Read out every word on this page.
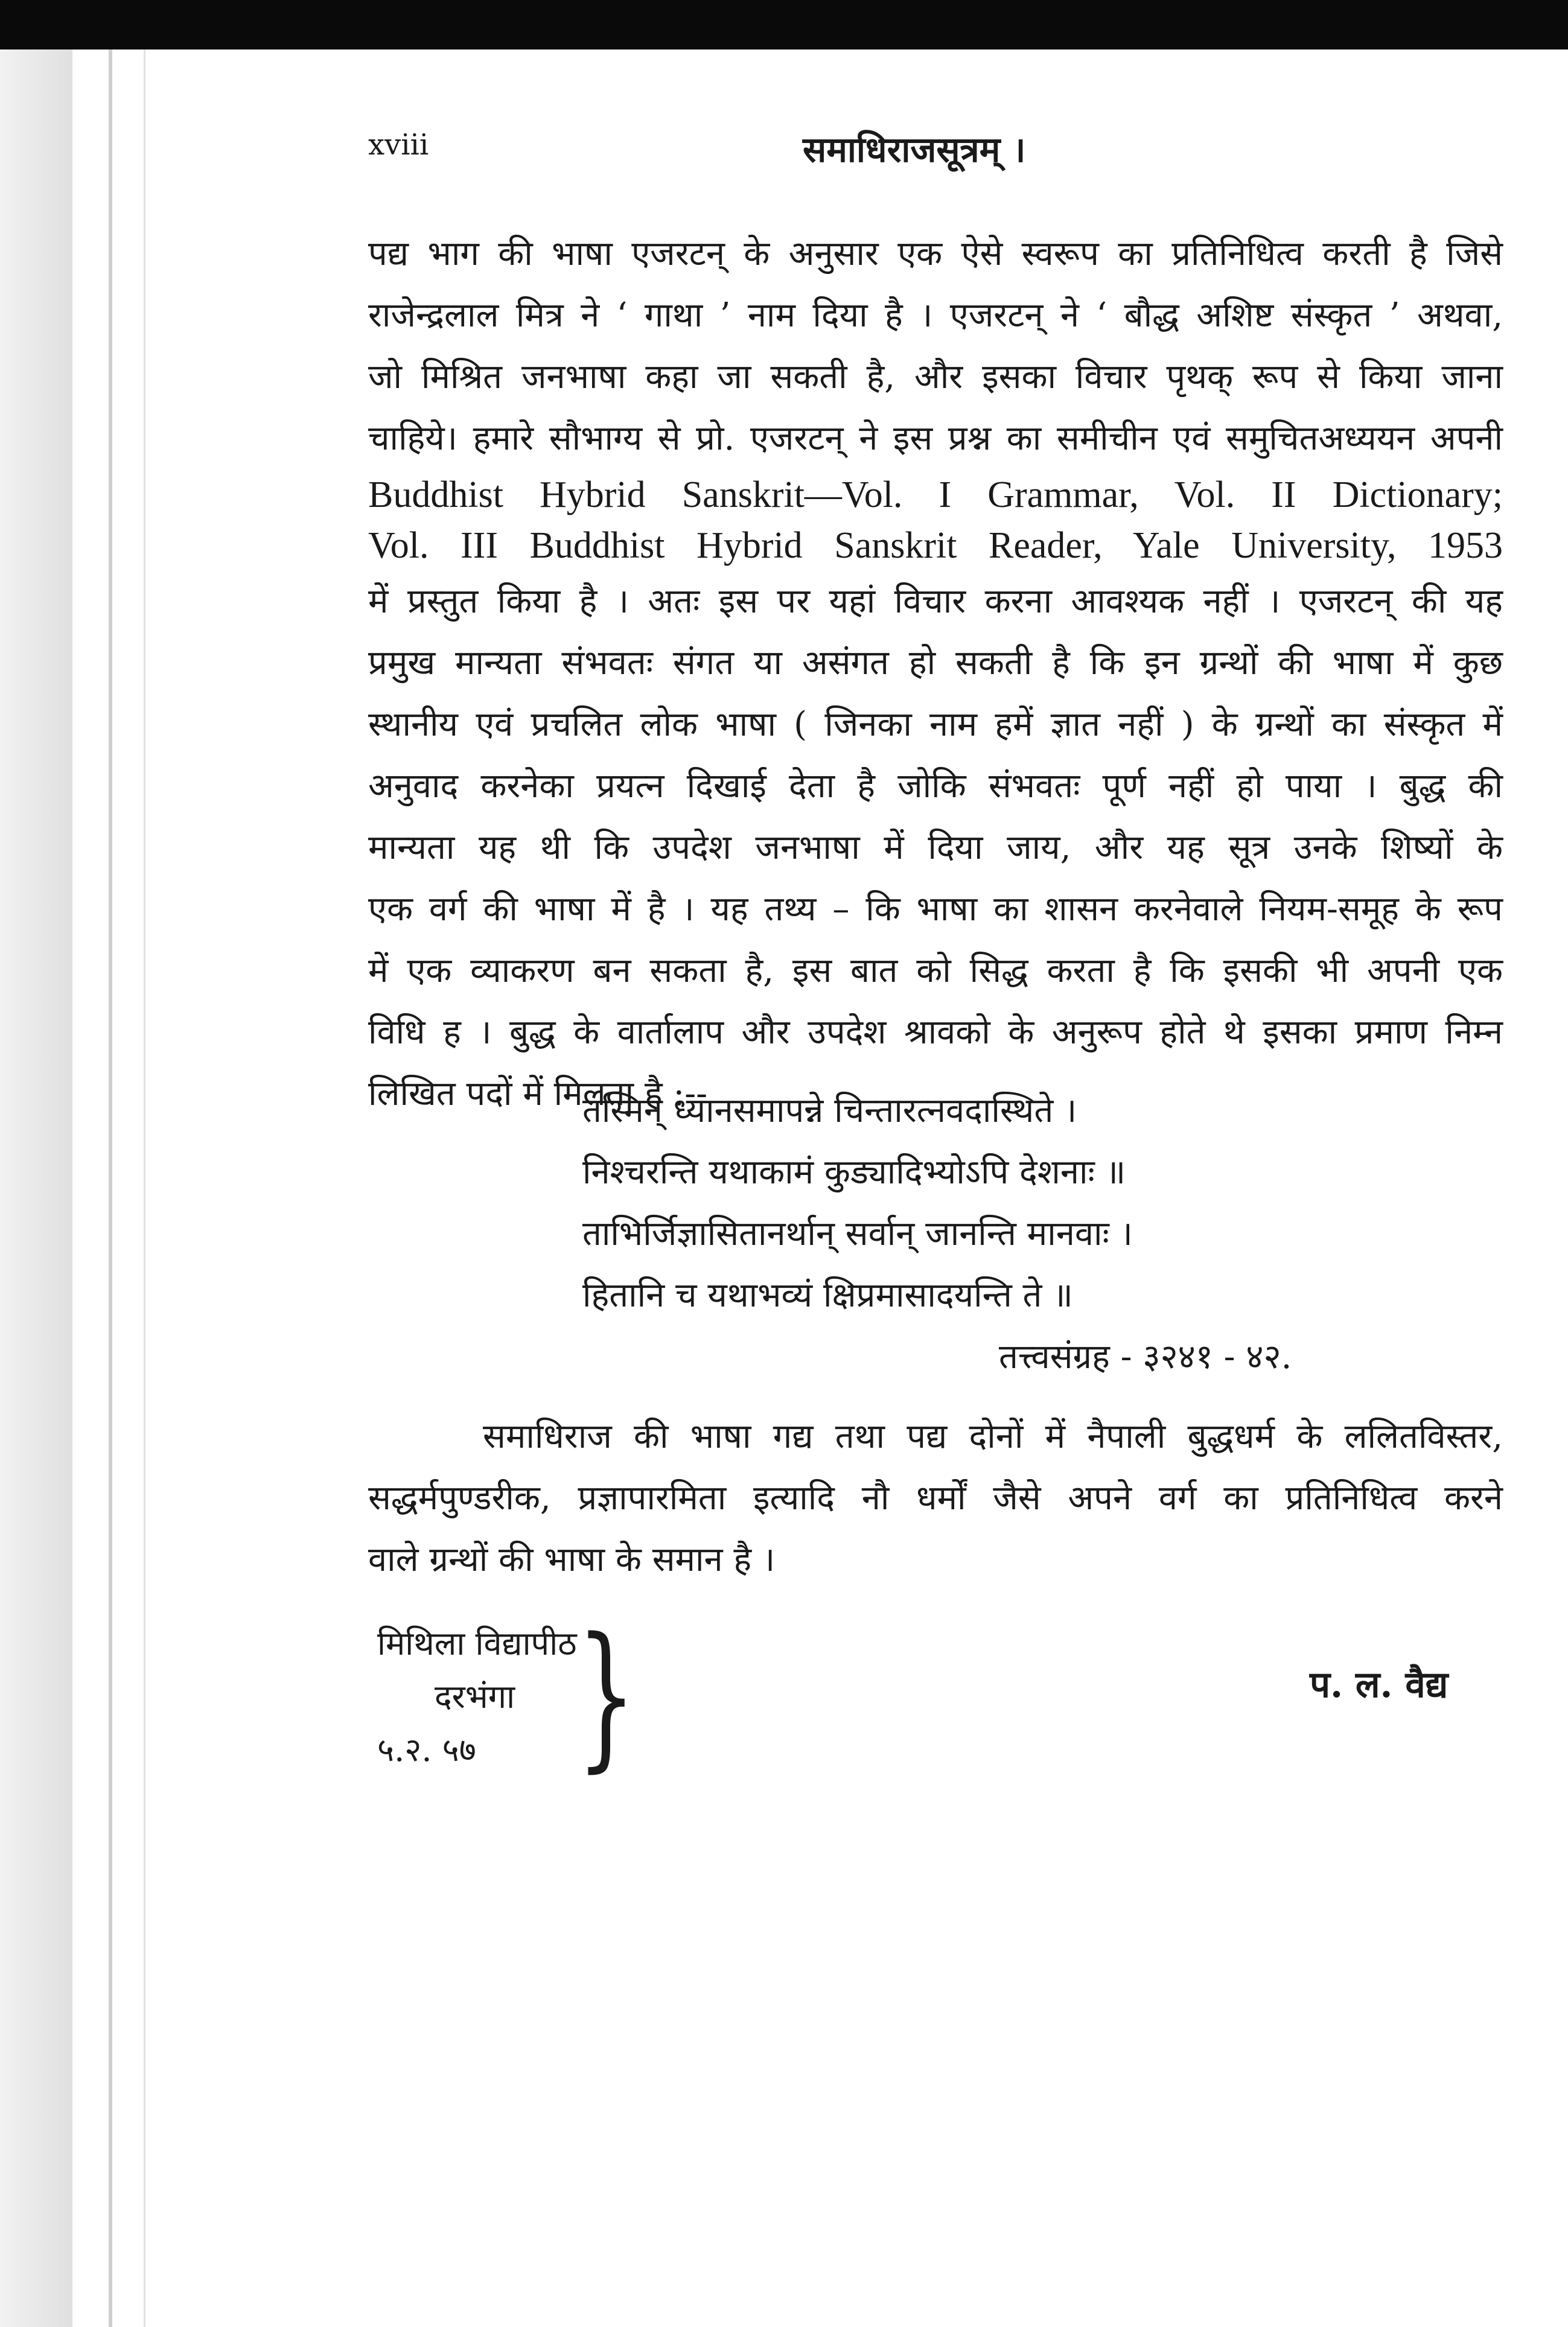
xviii	समाधिराजसूत्रम् ।
पद्य भाग की भाषा एजरटन् के अनुसार एक ऐसे स्वरूप का प्रतिनिधित्व करती है जिसे
राजेन्द्रलाल मित्र ने ‘ गाथा ’ नाम दिया है । एजरटन् ने ‘ बौद्ध अशिष्ट संस्कृत ’ अथवा,
जो मिश्रित जनभाषा कहा जा सकती है, और इसका विचार पृथक् रूप से किया जाना
चाहिये। हमारे सौभाग्य से प्रो. एजरटन् ने इस प्रश्न का समीचीन एवं समुचितअध्ययन अपनी
Buddhist Hybrid Sanskrit—Vol. I Grammar, Vol. II Dictionary;
Vol. III Buddhist Hybrid Sanskrit Reader, Yale University, 1953
में प्रस्तुत किया है । अतः इस पर यहां विचार करना आवश्यक नहीं । एजरटन् की यह
प्रमुख मान्यता संभवतः संगत या असंगत हो सकती है कि इन ग्रन्थों की भाषा में कुछ
स्थानीय एवं प्रचलित लोक भाषा ( जिनका नाम हमें ज्ञात नहीं ) के ग्रन्थों का संस्कृत में
अनुवाद करनेका प्रयत्न दिखाई देता है जोकि संभवतः पूर्ण नहीं हो पाया । बुद्ध की
मान्यता यह थी कि उपदेश जनभाषा में दिया जाय, और यह सूत्र उनके शिष्यों के
एक वर्ग की भाषा में है । यह तथ्य – कि भाषा का शासन करनेवाले नियम-समूह के रूप
में एक व्याकरण बन सकता है, इस बात को सिद्ध करता है कि इसकी भी अपनी एक
विधि ह । बुद्ध के वार्तालाप और उपदेश श्रावको के अनुरूप होते थे इसका प्रमाण निम्न
लिखित पदों में मिलता है :--
तस्मिन् ध्यानसमापन्ने चिन्तारत्नवदास्थिते ।
निश्चरन्ति यथाकामं कुड्यादिभ्योऽपि देशनाः ॥
ताभिर्जिज्ञासितानर्थान् सर्वान् जानन्ति मानवाः ।
हितानि च यथाभव्यं क्षिप्रमासादयन्ति ते ॥
तत्त्वसंग्रह - ३२४१ - ४२.
समाधिराज की भाषा गद्य तथा पद्य दोनों में नैपाली बुद्धधर्म के ललितविस्तर,
सद्धर्मपुण्डरीक, प्रज्ञापारमिता इत्यादि नौ धर्मों जैसे अपने वर्ग का प्रतिनिधित्व करने
वाले ग्रन्थों की भाषा के समान है ।
मिथिला विद्यापीठ
दरभंगा
५.२. ५७ }	प. ल. वैद्य
